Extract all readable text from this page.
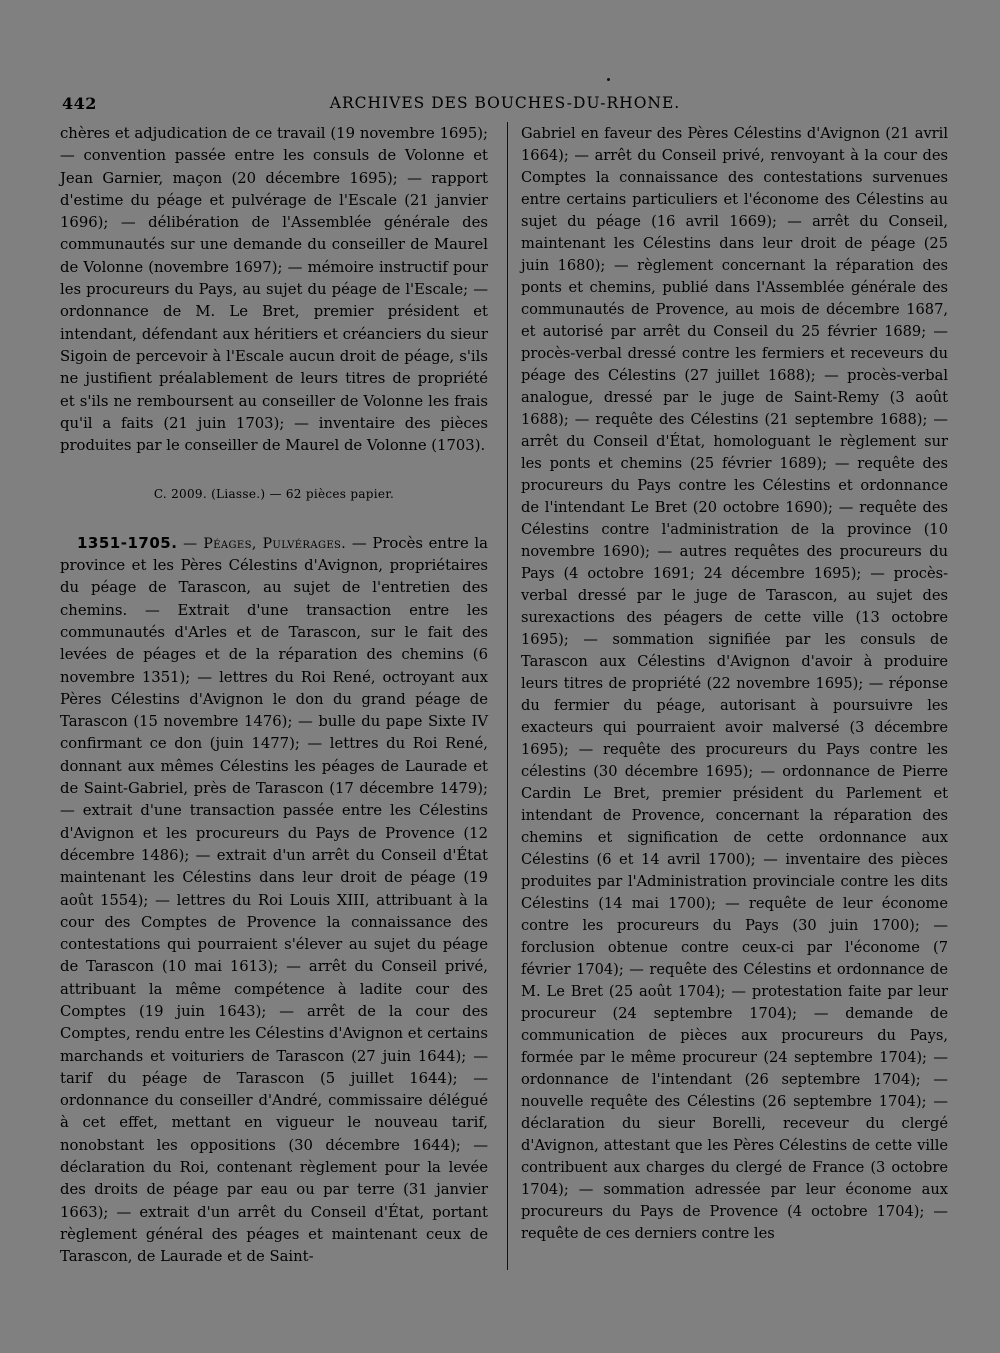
442	ARCHIVES DES BOUCHES-DU-RHONE.

chères et adjudication de ce travail (19 novembre 1695); — convention passée entre les consuls de Volonne et Jean Garnier, maçon (20 décembre 1695); — rapport d'estime du péage et pulvérage de l'Escale (21 janvier 1696); — délibération de l'Assemblée générale des communautés sur une demande du conseiller de Maurel de Volonne (novembre 1697); — mémoire instructif pour les procureurs du Pays, au sujet du péage de l'Escale; — ordonnance de M. Le Bret, premier président et intendant, défendant aux héritiers et créanciers du sieur Sigoin de percevoir à l'Escale aucun droit de péage, s'ils ne justifient préalablement de leurs titres de propriété et s'ils ne remboursent au conseiller de Volonne les frais qu'il a faits (21 juin 1703); — inventaire des pièces produites par le conseiller de Maurel de Volonne (1703).

C. 2009. (Liasse.) — 62 pièces papier.

1351-1705. — Péages, Pulvérages. — Procès entre la province et les Pères Célestins d'Avignon, propriétaires du péage de Tarascon, au sujet de l'entretien des chemins. — Extrait d'une transaction entre les communautés d'Arles et de Tarascon, sur le fait des levées de péages et de la réparation des chemins (6 novembre 1351); — lettres du Roi René, octroyant aux Pères Célestins d'Avignon le don du grand péage de Tarascon (15 novembre 1476); — bulle du pape Sixte IV confirmant ce don (juin 1477); — lettres du Roi René, donnant aux mêmes Célestins les péages de Laurade et de Saint-Gabriel, près de Tarascon (17 décembre 1479); — extrait d'une transaction passée entre les Célestins d'Avignon et les procureurs du Pays de Provence (12 décembre 1486); — extrait d'un arrêt du Conseil d'État maintenant les Célestins dans leur droit de péage (19 août 1554); — lettres du Roi Louis XIII, attribuant à la cour des Comptes de Provence la connaissance des contestations qui pourraient s'élever au sujet du péage de Tarascon (10 mai 1613); — arrêt du Conseil privé, attribuant la même compétence à ladite cour des Comptes (19 juin 1643); — arrêt de la cour des Comptes, rendu entre les Célestins d'Avignon et certains marchands et voituriers de Tarascon (27 juin 1644); — tarif du péage de Tarascon (5 juillet 1644); — ordonnance du conseiller d'André, commissaire délégué à cet effet, mettant en vigueur le nouveau tarif, nonobstant les oppositions (30 décembre 1644); — déclaration du Roi, contenant règlement pour la levée des droits de péage par eau ou par terre (31 janvier 1663); — extrait d'un arrêt du Conseil d'État, portant règlement général des péages et maintenant ceux de Tarascon, de Laurade et de Saint-

Gabriel en faveur des Pères Célestins d'Avignon (21 avril 1664); — arrêt du Conseil privé, renvoyant à la cour des Comptes la connaissance des contestations survenues entre certains particuliers et l'économe des Célestins au sujet du péage (16 avril 1669); — arrêt du Conseil, maintenant les Célestins dans leur droit de péage (25 juin 1680); — règlement concernant la réparation des ponts et chemins, publié dans l'Assemblée générale des communautés de Provence, au mois de décembre 1687, et autorisé par arrêt du Conseil du 25 février 1689; — procès-verbal dressé contre les fermiers et receveurs du péage des Célestins (27 juillet 1688); — procès-verbal analogue, dressé par le juge de Saint-Remy (3 août 1688); — requête des Célestins (21 septembre 1688); — arrêt du Conseil d'État, homologuant le règlement sur les ponts et chemins (25 février 1689); — requête des procureurs du Pays contre les Célestins et ordonnance de l'intendant Le Bret (20 octobre 1690); — requête des Célestins contre l'administration de la province (10 novembre 1690); — autres requêtes des procureurs du Pays (4 octobre 1691; 24 décembre 1695); — procès-verbal dressé par le juge de Tarascon, au sujet des surexactions des péagers de cette ville (13 octobre 1695); — sommation signifiée par les consuls de Tarascon aux Célestins d'Avignon d'avoir à produire leurs titres de propriété (22 novembre 1695); — réponse du fermier du péage, autorisant à poursuivre les exacteurs qui pourraient avoir malversé (3 décembre 1695); — requête des procureurs du Pays contre les célestins (30 décembre 1695); — ordonnance de Pierre Cardin Le Bret, premier président du Parlement et intendant de Provence, concernant la réparation des chemins et signification de cette ordonnance aux Célestins (6 et 14 avril 1700); — inventaire des pièces produites par l'Administration provinciale contre les dits Célestins (14 mai 1700); — requête de leur économe contre les procureurs du Pays (30 juin 1700); — forclusion obtenue contre ceux-ci par l'économe (7 février 1704); — requête des Célestins et ordonnance de M. Le Bret (25 août 1704); — protestation faite par leur procureur (24 septembre 1704); — demande de communication de pièces aux procureurs du Pays, formée par le même procureur (24 septembre 1704); — ordonnance de l'intendant (26 septembre 1704); — nouvelle requête des Célestins (26 septembre 1704); — déclaration du sieur Borelli, receveur du clergé d'Avignon, attestant que les Pères Célestins de cette ville contribuent aux charges du clergé de France (3 octobre 1704); — sommation adressée par leur économe aux procureurs du Pays de Provence (4 octobre 1704); — requête de ces derniers contre les
